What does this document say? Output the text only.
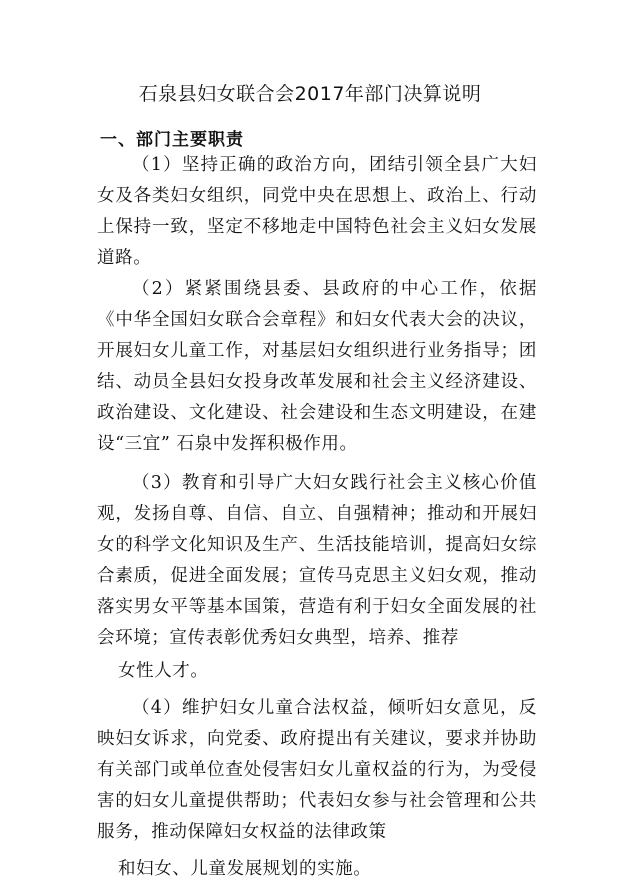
石泉县妇女联合会2017年部门决算说明
一、部门主要职责

（1）坚持正确的政治方向，团结引领全县广大妇女及各类妇女组织，同党中央在思想上、政治上、行动上保持一致，坚定不移地走中国特色社会主义妇女发展道路。

（2）紧紧围绕县委、县政府的中心工作，依据《中华全国妇女联合会章程》和妇女代表大会的决议，开展妇女儿童工作，对基层妇女组织进行业务指导；团结、动员全县妇女投身改革发展和社会主义经济建设、政治建设、文化建设、社会建设和生态文明建设，在建设“三宜” 石泉中发挥积极作用。

（3）教育和引导广大妇女践行社会主义核心价值观，发扬自尊、自信、自立、自强精神；推动和开展妇女的科学文化知识及生产、生活技能培训，提高妇女综合素质，促进全面发展；宣传马克思主义妇女观，推动落实男女平等基本国策，营造有利于妇女全面发展的社会环境；宣传表彰优秀妇女典型，培养、推荐

女性人才。

（4）维护妇女儿童合法权益，倾听妇女意见，反映妇女诉求，向党委、政府提出有关建议，要求并协助有关部门或单位查处侵害妇女儿童权益的行为，为受侵害的妇女儿童提供帮助；代表妇女参与社会管理和公共服务，推动保障妇女权益的法律政策

和妇女、儿童发展规划的实施。
